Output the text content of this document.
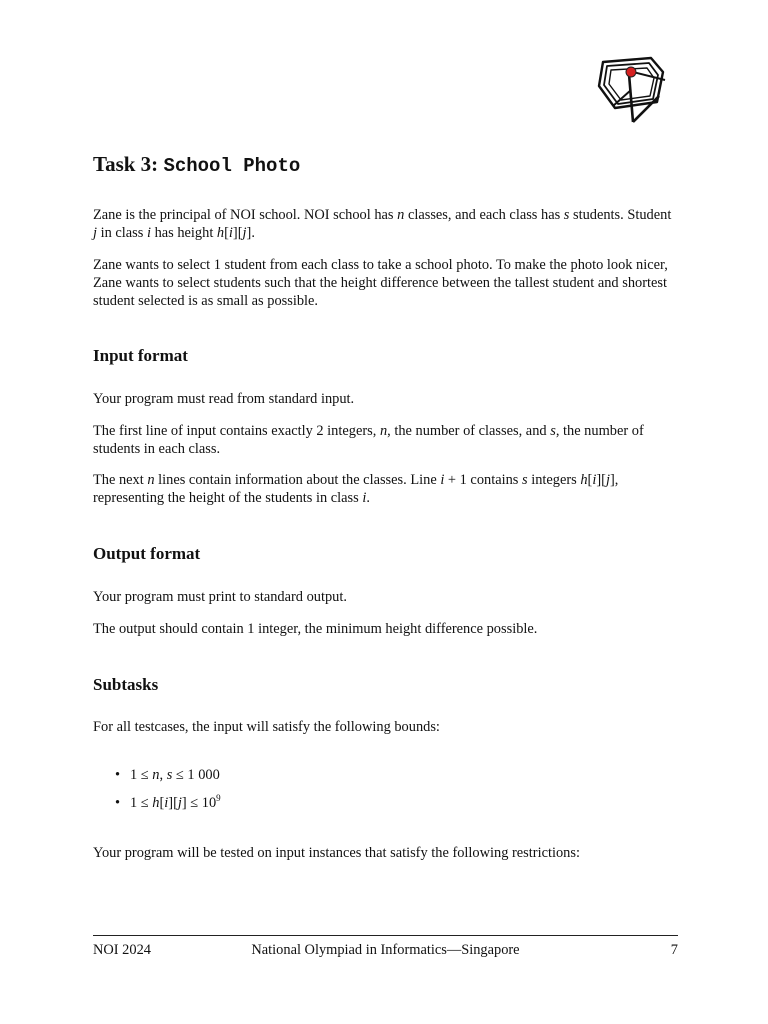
Task 3: School Photo

Zane is the principal of NOI school. NOI school has n classes, and each class has s students. Student j in class i has height h[i][j].

Zane wants to select 1 student from each class to take a school photo. To make the photo look nicer, Zane wants to select students such that the height difference between the tallest student and shortest student selected is as small as possible.

Input format

Your program must read from standard input.

The first line of input contains exactly 2 integers, n, the number of classes, and s, the number of students in each class.

The next n lines contain information about the classes. Line i + 1 contains s integers h[i][j], representing the height of the students in class i.

Output format

Your program must print to standard output.

The output should contain 1 integer, the minimum height difference possible.

Subtasks

For all testcases, the input will satisfy the following bounds:

• 1 ≤ n, s ≤ 1 000
• $1 \le h[i][j] \le 10^9$

Your program will be tested on input instances that satisfy the following restrictions:

NOI 2024	National Olympiad in Informatics—Singapore	7
